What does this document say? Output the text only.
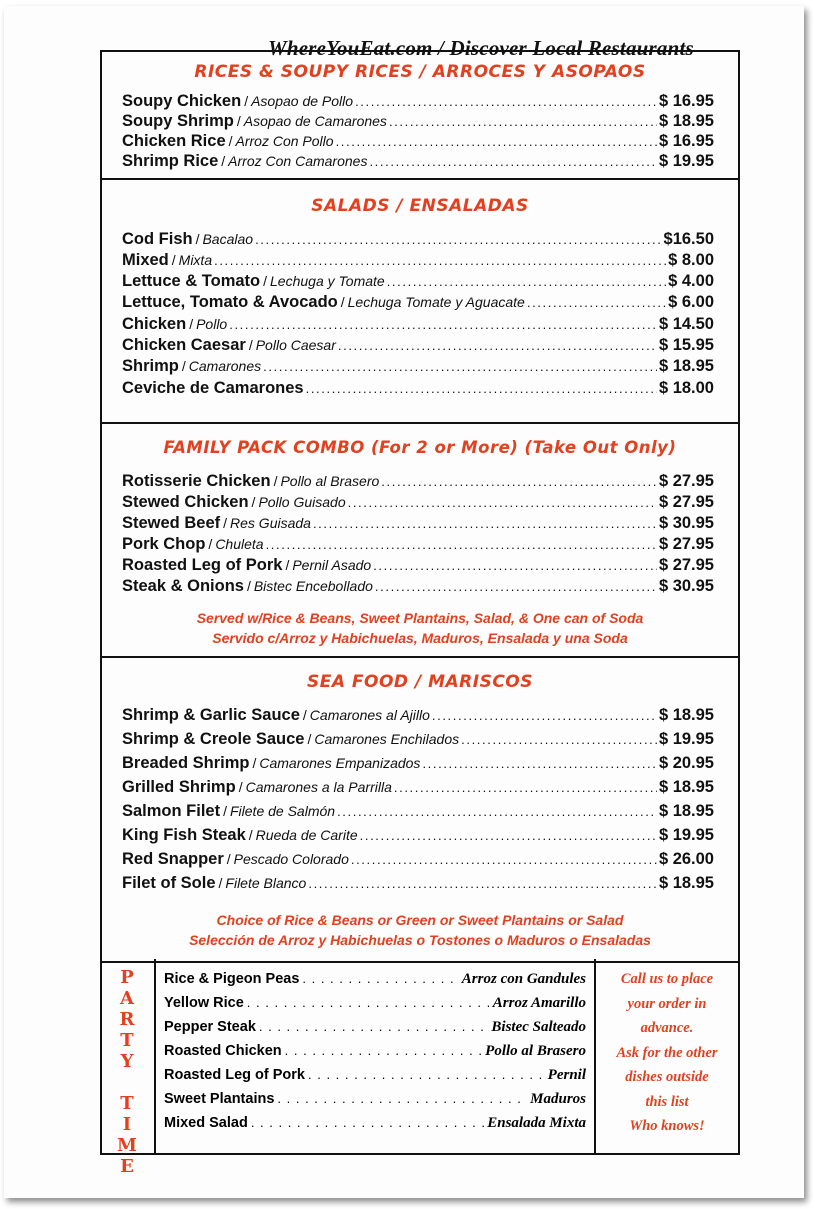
WhereYouEat.com / Discover Local Restaurants
RICES & SOUPY RICES / ARROCES Y ASOPAOS
Soupy Chicken / Asopao de Pollo . . .	$ 16.95
Soupy Shrimp / Asopao de Camarones . . .	$ 18.95
Chicken Rice / Arroz Con Pollo . . .	$ 16.95
Shrimp Rice / Arroz Con Camarones . . .	$ 19.95
SALADS / ENSALADAS
Cod Fish / Bacalao . . .	$16.50
Mixed / Mixta . . .	$ 8.00
Lettuce & Tomato / Lechuga y Tomate . . .	$ 4.00
Lettuce, Tomato & Avocado / Lechuga Tomate y Aguacate . . .	$ 6.00
Chicken / Pollo . . .	$ 14.50
Chicken Caesar / Pollo Caesar . . .	$ 15.95
Shrimp / Camarones . . .	$ 18.95
Ceviche de Camarones . . .	$ 18.00
FAMILY PACK COMBO (For 2 or More) (Take Out Only)
Rotisserie Chicken / Pollo al Brasero . . .	$ 27.95
Stewed Chicken / Pollo Guisado . . .	$ 27.95
Stewed Beef / Res Guisada . . .	$ 30.95
Pork Chop / Chuleta . . .	$ 27.95
Roasted Leg of Pork / Pernil Asado . . .	$ 27.95
Steak & Onions / Bistec Encebollado . . .	$ 30.95
Served w/Rice & Beans, Sweet Plantains, Salad, & One can of Soda
Servido c/Arroz y Habichuelas, Maduros, Ensalada y una Soda
SEA FOOD / MARISCOS
Shrimp & Garlic Sauce / Camarones al Ajillo . . .	$ 18.95
Shrimp & Creole Sauce / Camarones Enchilados . . .	$ 19.95
Breaded Shrimp / Camarones Empanizados . . .	$ 20.95
Grilled Shrimp / Camarones a la Parrilla . . .	$ 18.95
Salmon Filet / Filete de Salmón . . .	$ 18.95
King Fish Steak / Rueda de Carite . . .	$ 19.95
Red Snapper / Pescado Colorado . . .	$ 26.00
Filet of Sole / Filete Blanco . . .	$ 18.95
Choice of Rice & Beans or Green or Sweet Plantains or Salad
Selección de Arroz y Habichuelas o Tostones o Maduros o Ensaladas
P
A
R
T
Y
T
I
M
E
Rice & Pigeon Peas . . .	Arroz con Gandules
Yellow Rice . . .	Arroz Amarillo
Pepper Steak . . .	Bistec Salteado
Roasted Chicken . . .	Pollo al Brasero
Roasted Leg of Pork . . .	Pernil
Sweet Plantains . . .	Maduros
Mixed Salad . . .	Ensalada Mixta
Call us to place
your order in
advance.
Ask for the other
dishes outside
this list
Who knows!
